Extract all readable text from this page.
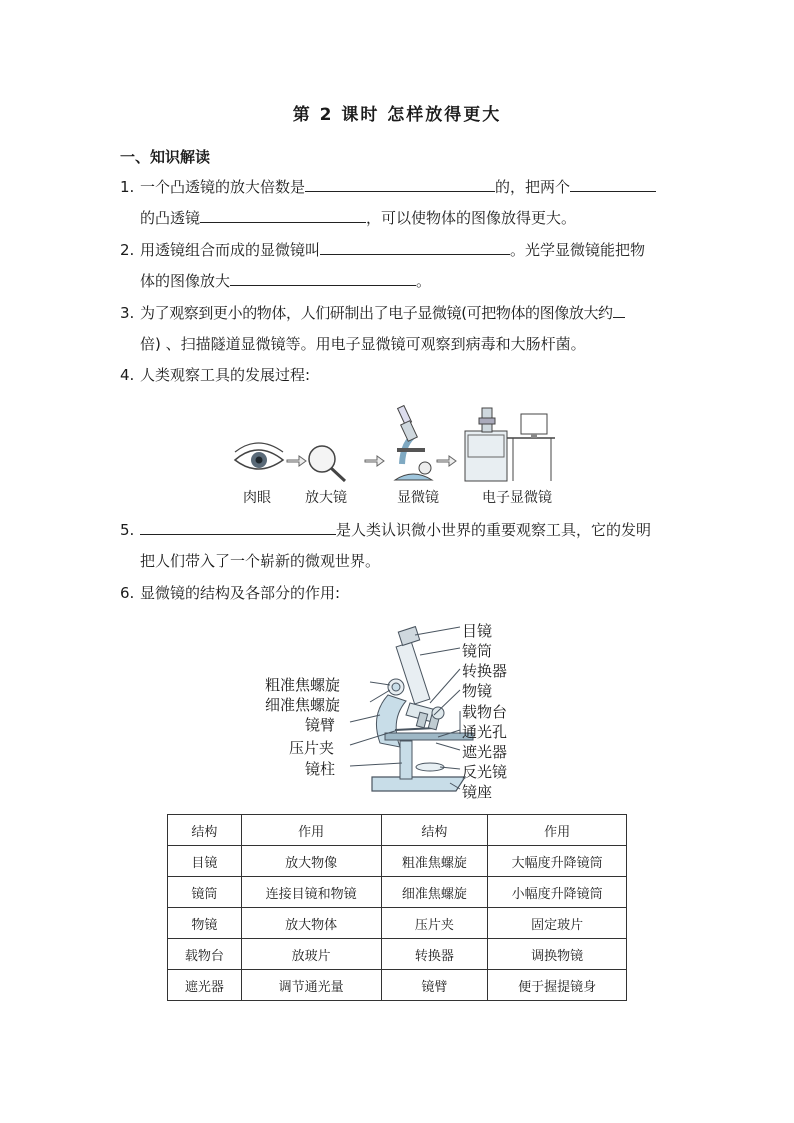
第 2 课时 怎样放得更大
一、知识解读
1. 一个凸透镜的放大倍数是	的，把两个
的凸透镜	，可以使物体的图像放得更大。
2. 用透镜组合而成的显微镜叫	。光学显微镜能把物
体的图像放大	。
3. 为了观察到更小的物体，人们研制出了电子显微镜(可把物体的图像放大约
倍) 、扫描隧道显微镜等。用电子显微镜可观察到病毒和大肠杆菌。
4. 人类观察工具的发展过程:
肉眼 放大镜	显微镜	电子显微镜
5.	是人类认识微小世界的重要观察工具，它的发明
把人们带入了一个崭新的微观世界。
6. 显微镜的结构及各部分的作用:
粗准焦螺旋
细准焦螺旋
镜臂
压片夹
镜柱
目镜
镜筒
转换器
物镜
载物台
通光孔
遮光器
反光镜
镜座
结构	作用	结构	作用
目镜	放大物像	粗准焦螺旋	大幅度升降镜筒
镜筒	连接目镜和物镜	细准焦螺旋	小幅度升降镜筒
物镜	放大物体	压片夹	固定玻片
载物台	放玻片	转换器	调换物镜
遮光器	调节通光量	镜臂	便于握提镜身
